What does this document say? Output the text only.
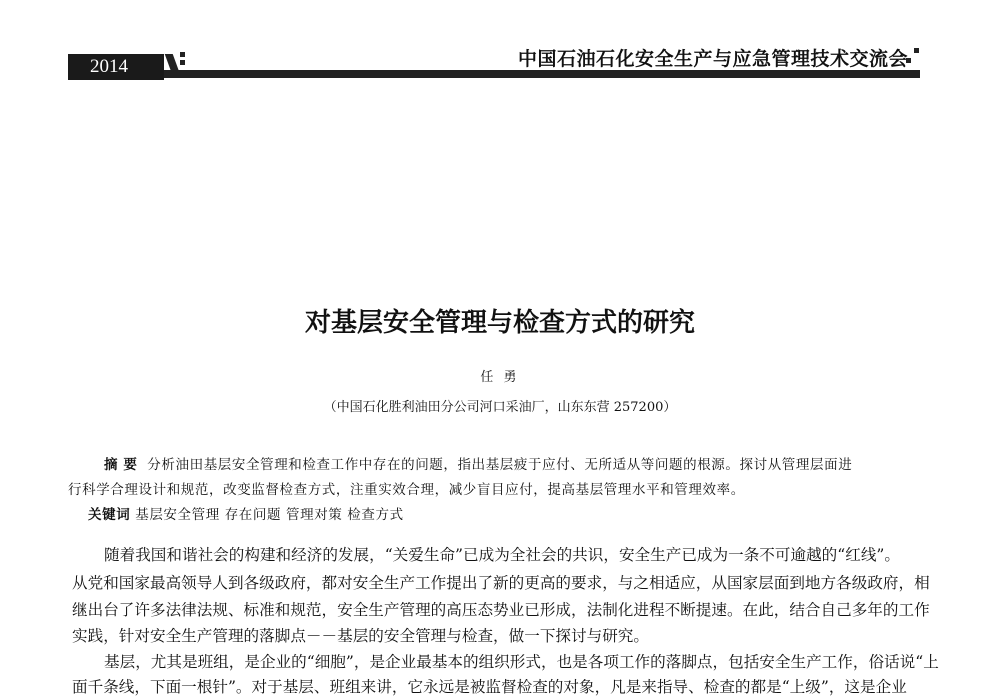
2014	中国石油石化安全生产与应急管理技术交流会
对基层安全管理与检查方式的研究
任 勇
（中国石化胜利油田分公司河口采油厂，山东东营 257200）
摘 要 分析油田基层安全管理和检查工作中存在的问题，指出基层疲于应付、无所适从等问题的根源。探讨从管理层面进
行科学合理设计和规范，改变监督检查方式，注重实效合理，减少盲目应付，提高基层管理水平和管理效率。
关键词 基层安全管理 存在问题 管理对策 检查方式
随着我国和谐社会的构建和经济的发展，“关爱生命”已成为全社会的共识，安全生产已成为一条不可逾越的“红线”。
从党和国家最高领导人到各级政府，都对安全生产工作提出了新的更高的要求，与之相适应，从国家层面到地方各级政府，相
继出台了许多法律法规、标准和规范，安全生产管理的高压态势业已形成，法制化进程不断提速。在此，结合自己多年的工作
实践，针对安全生产管理的落脚点－－基层的安全管理与检查，做一下探讨与研究。
基层，尤其是班组，是企业的“细胞”，是企业最基本的组织形式，也是各项工作的落脚点，包括安全生产工作，俗话说“上
面千条线，下面一根针”。对于基层、班组来讲，它永远是被监督检查的对象，凡是来指导、检查的都是“上级”，这是企业
